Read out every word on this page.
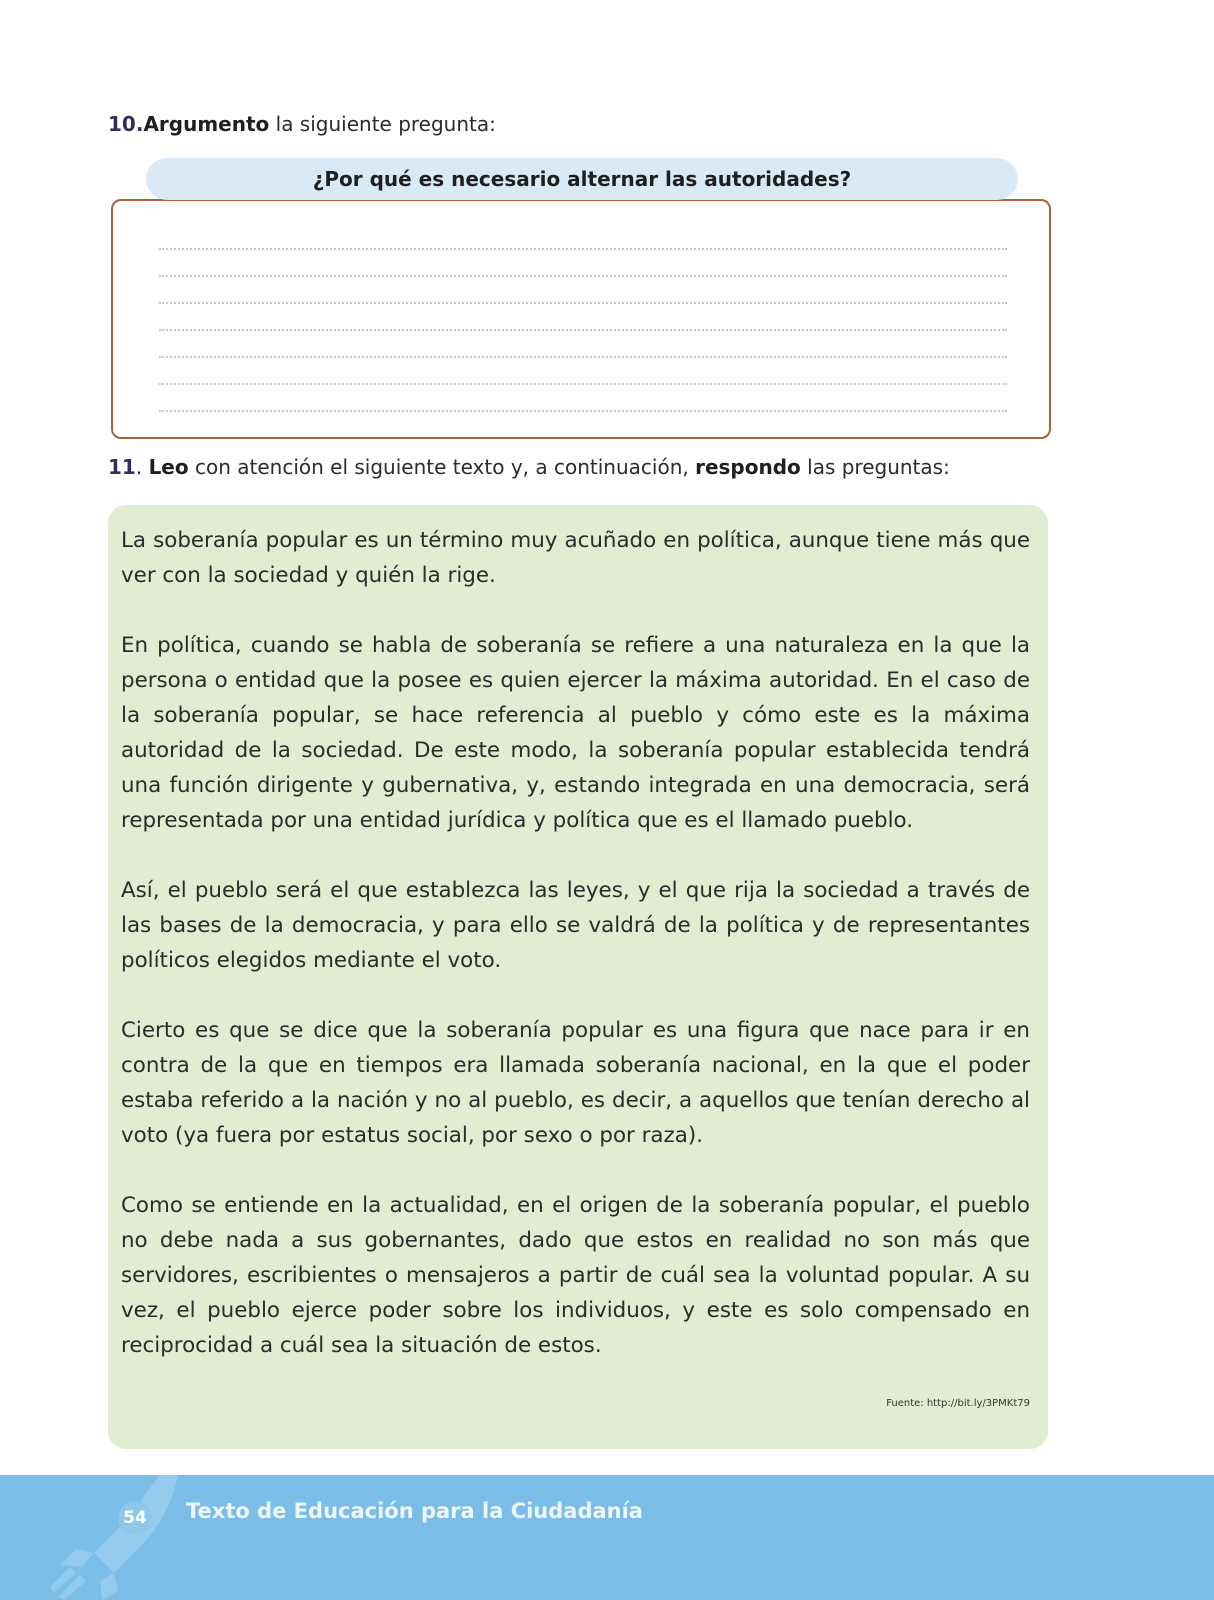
10.Argumento la siguiente pregunta:
¿Por qué es necesario alternar las autoridades?
11. Leo con atención el siguiente texto y, a continuación, respondo las preguntas:

La soberanía popular es un término muy acuñado en política, aunque tiene más que ver con la sociedad y quién la rige.

En política, cuando se habla de soberanía se refiere a una naturaleza en la que la persona o entidad que la posee es quien ejercer la máxima autoridad. En el caso de la soberanía popular, se hace referencia al pueblo y cómo este es la máxima autoridad de la sociedad. De este modo, la soberanía popular establecida tendrá una función dirigente y gubernativa, y, estando integrada en una democracia, será representada por una entidad jurídica y política que es el llamado pueblo.

Así, el pueblo será el que establezca las leyes, y el que rija la sociedad a través de las bases de la democracia, y para ello se valdrá de la política y de representantes políticos elegidos mediante el voto.

Cierto es que se dice que la soberanía popular es una figura que nace para ir en contra de la que en tiempos era llamada soberanía nacional, en la que el poder estaba referido a la nación y no al pueblo, es decir, a aquellos que tenían derecho al voto (ya fuera por estatus social, por sexo o por raza).

Como se entiende en la actualidad, en el origen de la soberanía popular, el pueblo no debe nada a sus gobernantes, dado que estos en realidad no son más que servidores, escribientes o mensajeros a partir de cuál sea la voluntad popular. A su vez, el pueblo ejerce poder sobre los individuos, y este es solo compensado en reciprocidad a cuál sea la situación de estos.

Fuente: http://bit.ly/3PMKt79
54 Texto de Educación para la Ciudadanía
